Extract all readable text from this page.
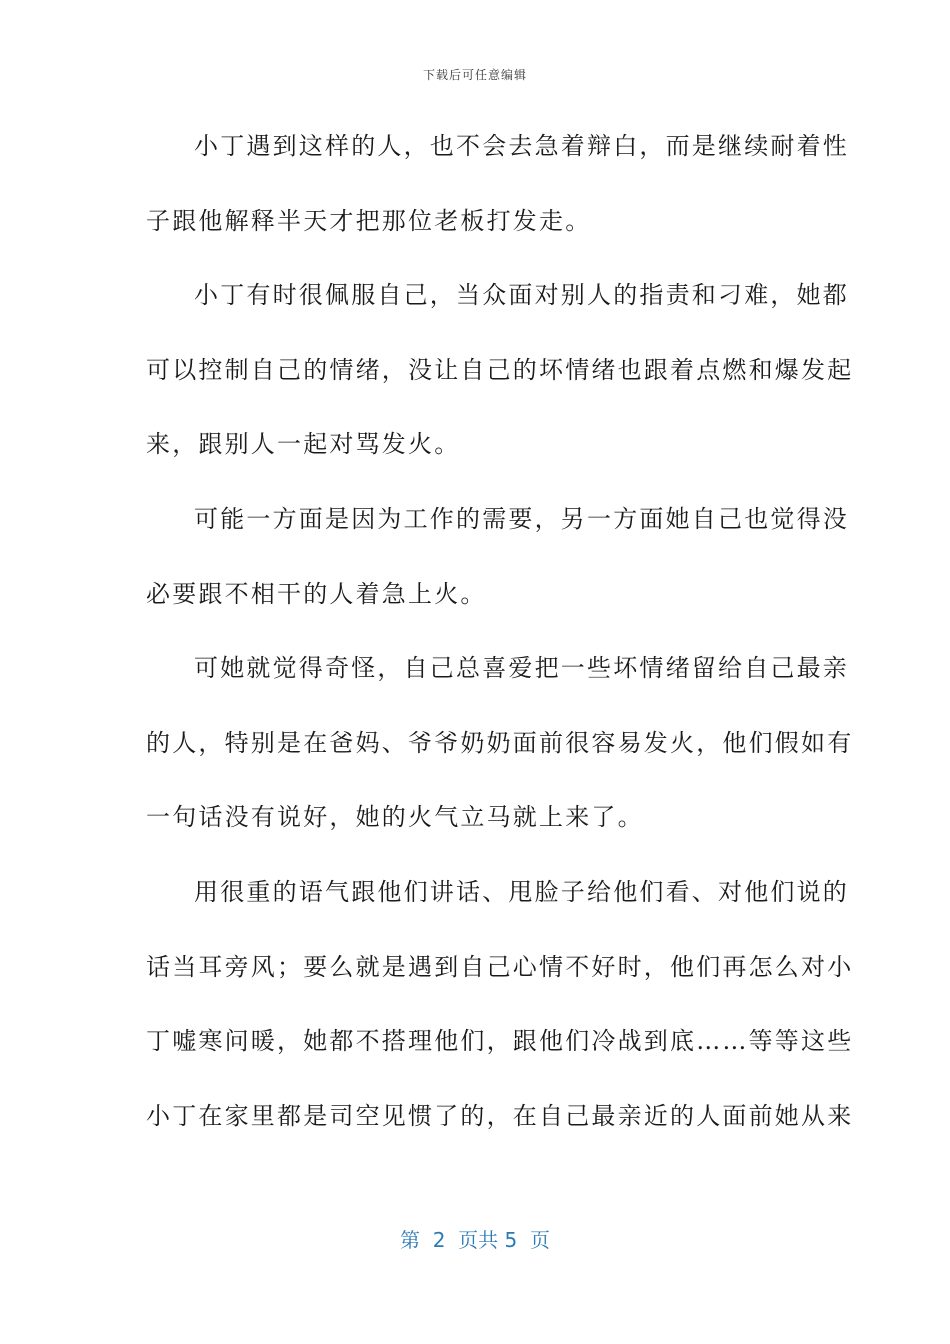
下载后可任意编辑
小丁遇到这样的人，也不会去急着辩白，而是继续耐着性
子跟他解释半天才把那位老板打发走。
小丁有时很佩服自己，当众面对别人的指责和刁难，她都
可以控制自己的情绪，没让自己的坏情绪也跟着点燃和爆发起
来，跟别人一起对骂发火。
可能一方面是因为工作的需要，另一方面她自己也觉得没
必要跟不相干的人着急上火。
可她就觉得奇怪，自己总喜爱把一些坏情绪留给自己最亲
的人，特别是在爸妈、爷爷奶奶面前很容易发火，他们假如有
一句话没有说好，她的火气立马就上来了。
用很重的语气跟他们讲话、甩脸子给他们看、对他们说的
话当耳旁风；要么就是遇到自己心情不好时，他们再怎么对小
丁嘘寒问暖，她都不搭理他们，跟他们冷战到底……等等这些
小丁在家里都是司空见惯了的，在自己最亲近的人面前她从来
第  2  页共 5  页
